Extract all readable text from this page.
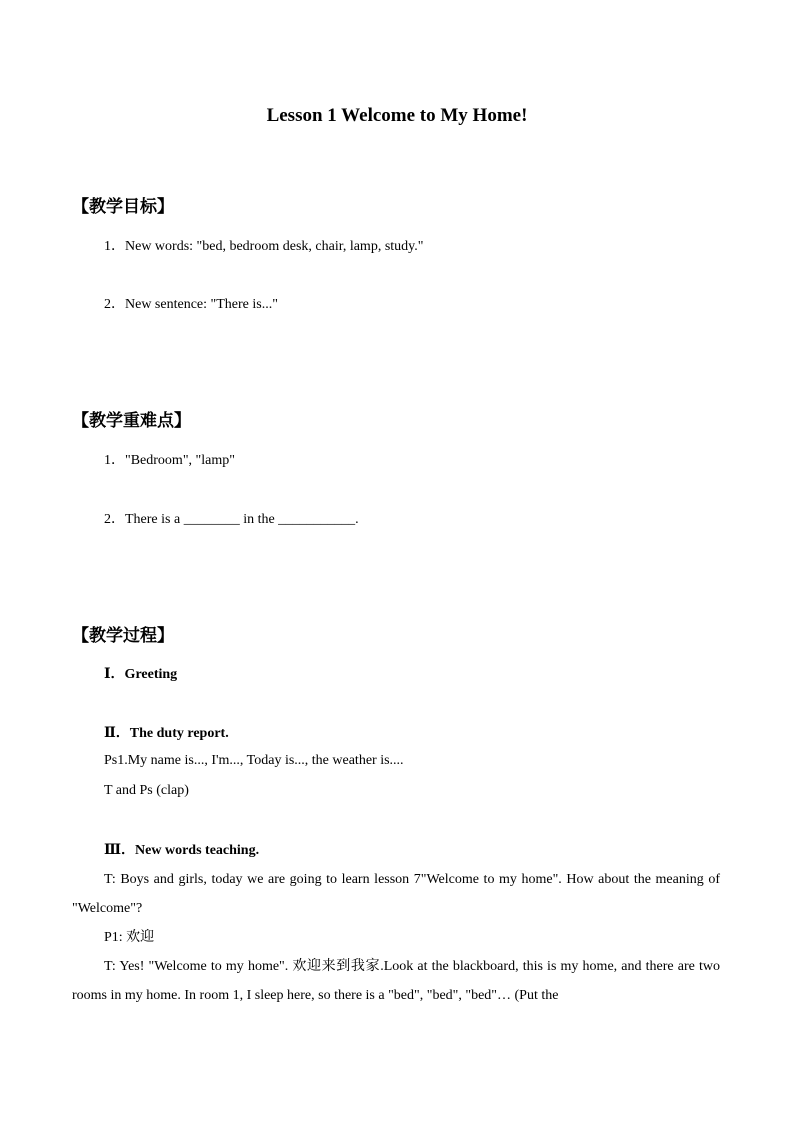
Lesson 1 Welcome to My Home!
【教学目标】
1．New words: "bed, bedroom desk, chair, lamp, study."
2．New sentence: "There is..."
【教学重难点】
1．"Bedroom", "lamp"
2．There is a ________ in the ___________.
【教学过程】
Ⅰ．Greeting
Ⅱ．The duty report.
Ps1.My name is..., I'm..., Today is..., the weather is....
T and Ps (clap)
Ⅲ．New words teaching.
T: Boys and girls, today we are going to learn lesson 7"Welcome to my home". How about the meaning of "Welcome"?
P1: 欢迎
T: Yes! "Welcome to my home". 欢迎来到我家.Look at the blackboard, this is my home, and there are two rooms in my home. In room 1, I sleep here, so there is a "bed", "bed", "bed"… (Put the
